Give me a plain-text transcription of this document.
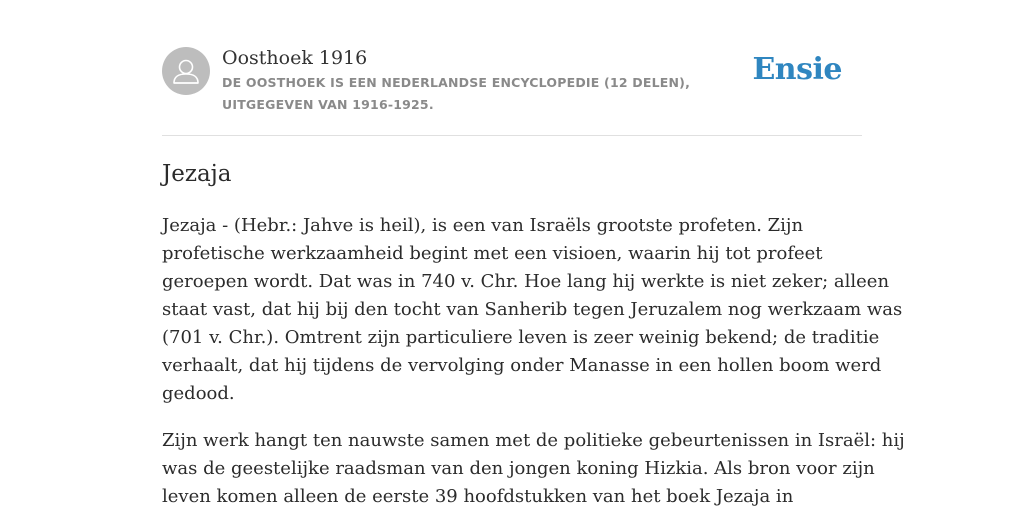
Oosthoek 1916
DE OOSTHOEK IS EEN NEDERLANDSE ENCYCLOPEDIE (12 DELEN), UITGEGEVEN VAN 1916-1925.
Ensie
Jezaja

Jezaja - (Hebr.: Jahve is heil), is een van Israëls grootste profeten. Zijn
profetische werkzaamheid begint met een visioen, waarin hij tot profeet
geroepen wordt. Dat was in 740 v. Chr. Hoe lang hij werkte is niet zeker; alleen
staat vast, dat hij bij den tocht van Sanherib tegen Jeruzalem nog werkzaam was
(701 v. Chr.). Omtrent zijn particuliere leven is zeer weinig bekend; de traditie
verhaalt, dat hij tijdens de vervolging onder Manasse in een hollen boom werd
gedood.

Zijn werk hangt ten nauwste samen met de politieke gebeurtenissen in Israël: hij
was de geestelijke raadsman van den jongen koning Hizkia. Als bron voor zijn
leven komen alleen de eerste 39 hoofdstukken van het boek Jezaja in
